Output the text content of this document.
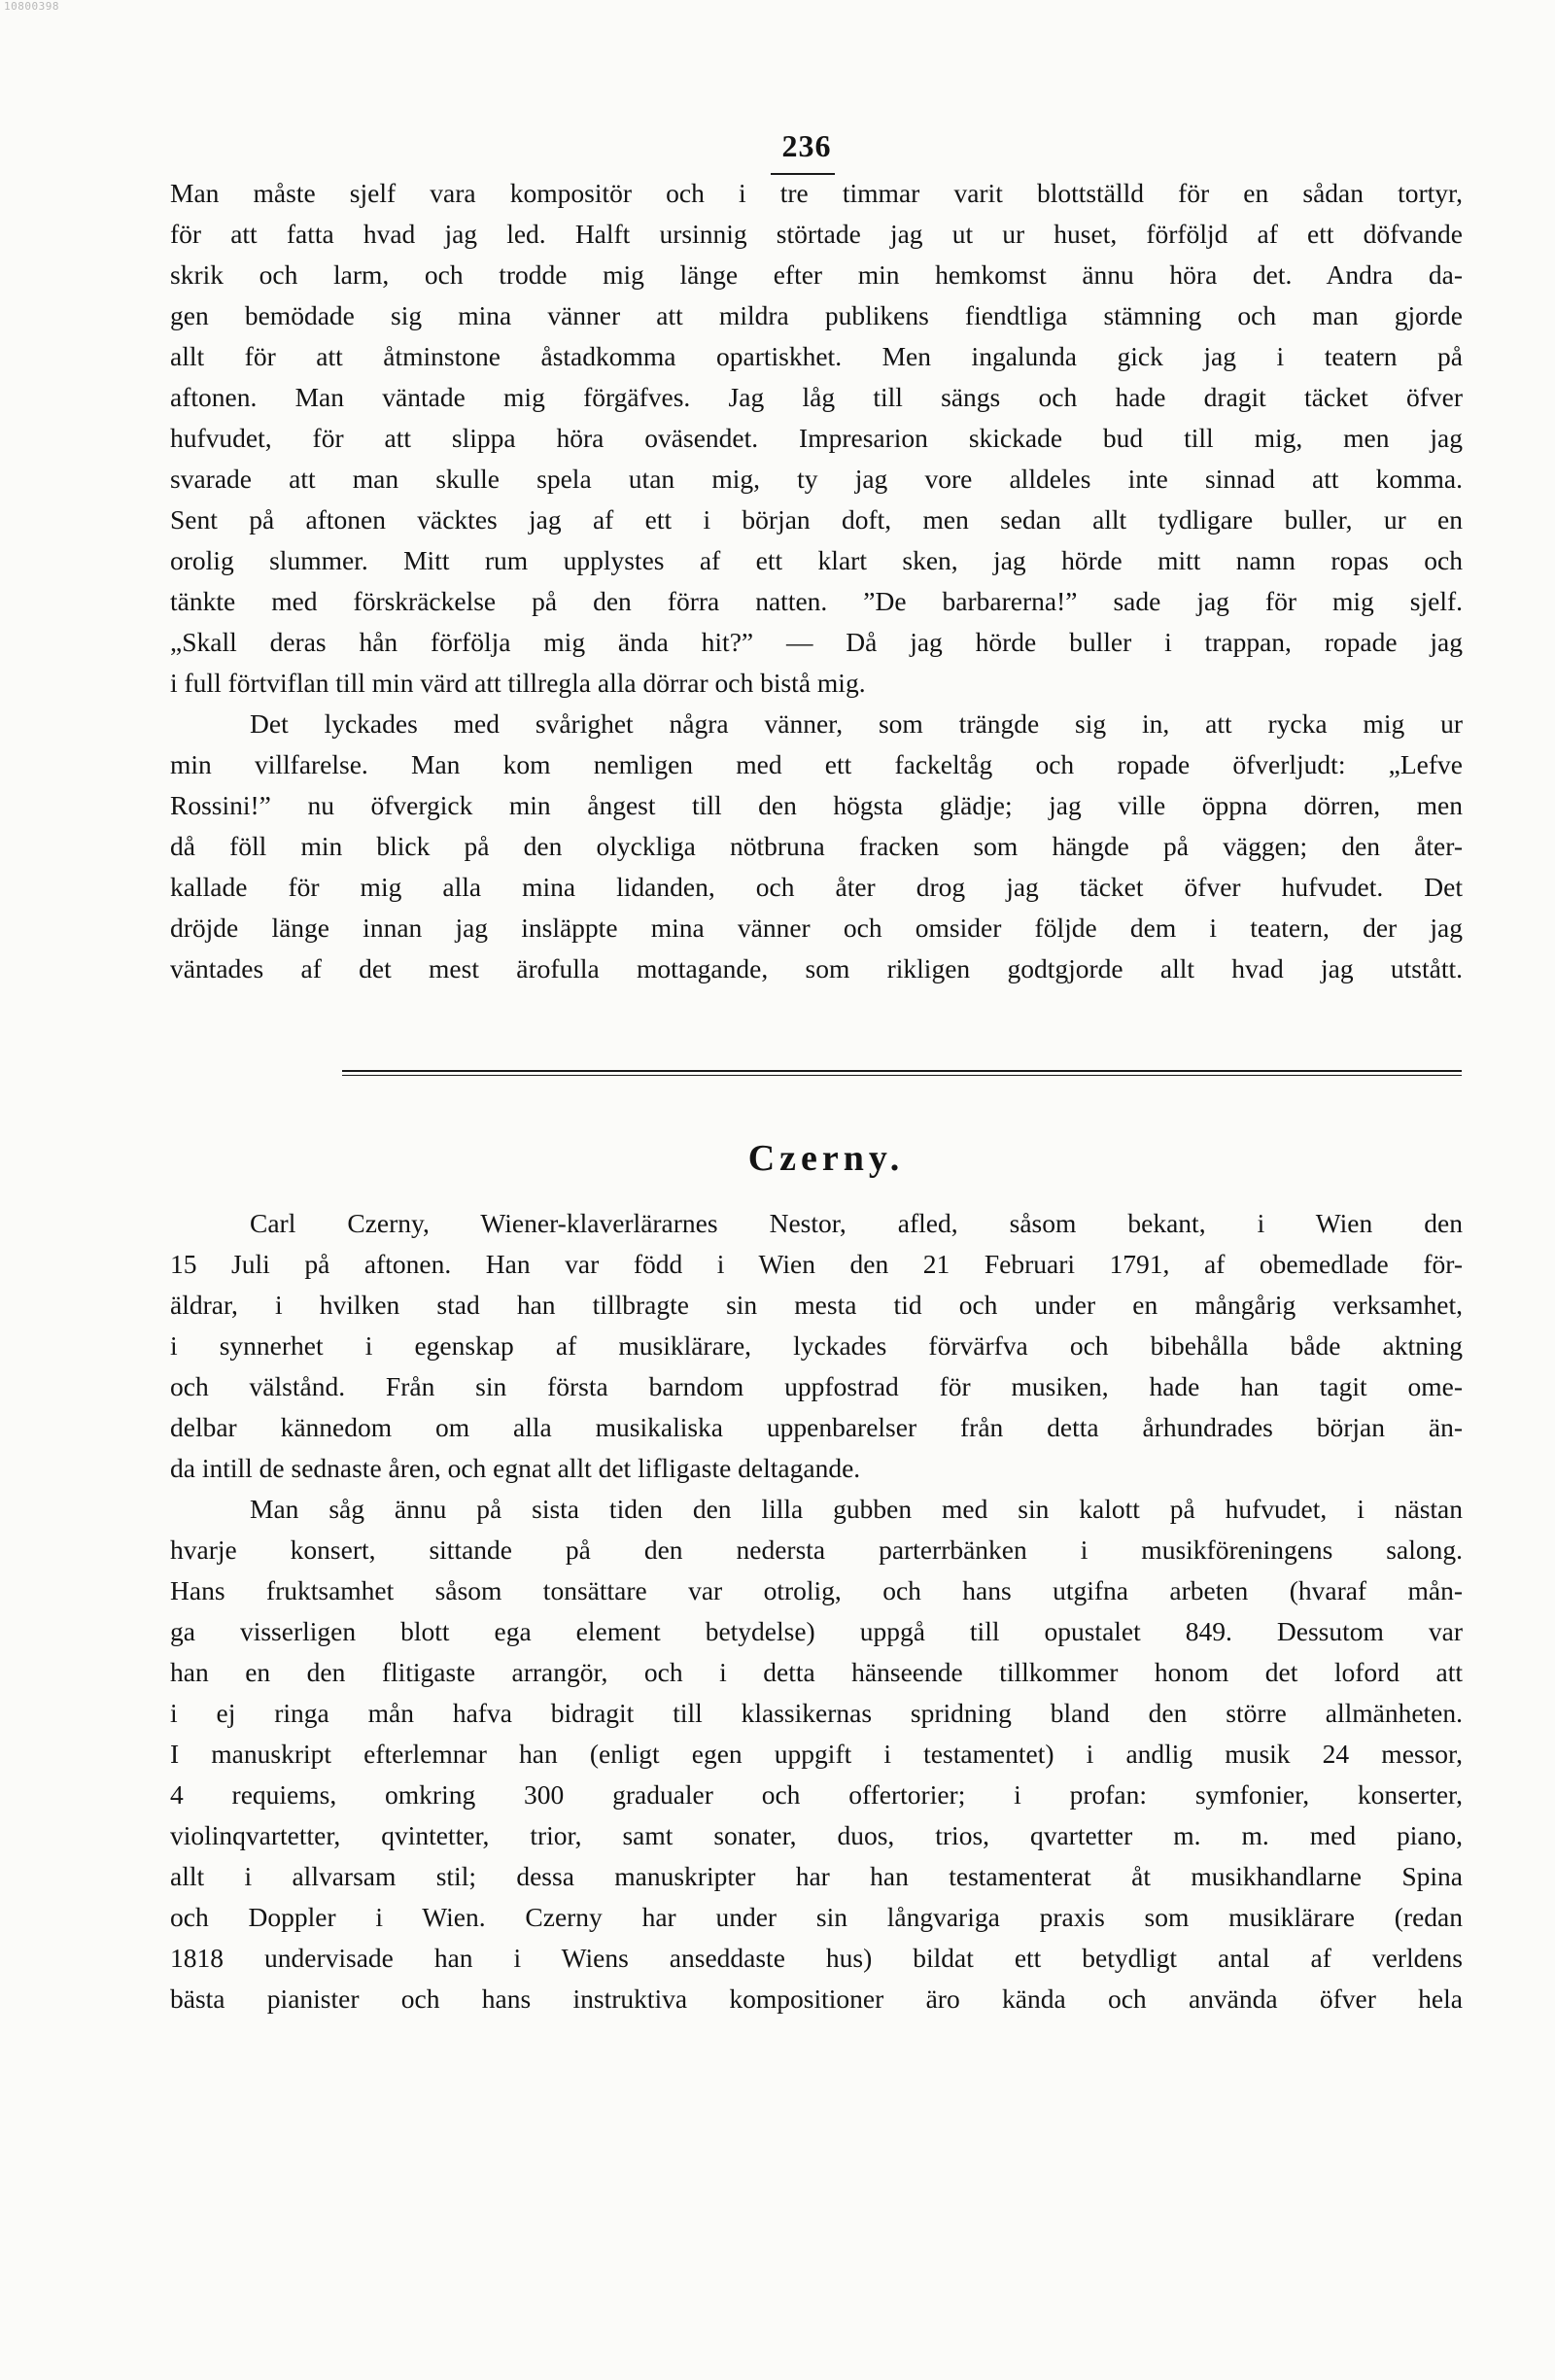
10800398
236
Man måste sjelf vara kompositör och i tre timmar varit blottställd för en sådan tortyr,
för att fatta hvad jag led. Halft ursinnig störtade jag ut ur huset, förföljd af ett döfvande
skrik och larm, och trodde mig länge efter min hemkomst ännu höra det. Andra da-
gen bemödade sig mina vänner att mildra publikens fiendtliga stämning och man gjorde
allt för att åtminstone åstadkomma opartiskhet. Men ingalunda gick jag i teatern på
aftonen. Man väntade mig förgäfves. Jag låg till sängs och hade dragit täcket öfver
hufvudet, för att slippa höra oväsendet. Impresarion skickade bud till mig, men jag
svarade att man skulle spela utan mig, ty jag vore alldeles inte sinnad att komma.
Sent på aftonen väcktes jag af ett i början doft, men sedan allt tydligare buller, ur en
orolig slummer. Mitt rum upplystes af ett klart sken, jag hörde mitt namn ropas och
tänkte med förskräckelse på den förra natten. ”De barbarerna!” sade jag för mig sjelf.
„Skall deras hån förfölja mig ända hit?” — Då jag hörde buller i trappan, ropade jag
i full förtviflan till min värd att tillregla alla dörrar och bistå mig.
Det lyckades med svårighet några vänner, som trängde sig in, att rycka mig ur
min villfarelse. Man kom nemligen med ett fackeltåg och ropade öfverljudt: „Lefve
Rossini!” nu öfvergick min ångest till den högsta glädje; jag ville öppna dörren, men
då föll min blick på den olyckliga nötbruna fracken som hängde på väggen; den åter-
kallade för mig alla mina lidanden, och åter drog jag täcket öfver hufvudet. Det
dröjde länge innan jag insläppte mina vänner och omsider följde dem i teatern, der jag
väntades af det mest ärofulla mottagande, som rikligen godtgjorde allt hvad jag utstått.
Czerny.
Carl Czerny, Wiener-klaverlärarnes Nestor, afled, såsom bekant, i Wien den
15 Juli på aftonen. Han var född i Wien den 21 Februari 1791, af obemedlade för-
äldrar, i hvilken stad han tillbragte sin mesta tid och under en mångårig verksamhet,
i synnerhet i egenskap af musiklärare, lyckades förvärfva och bibehålla både aktning
och välstånd. Från sin första barndom uppfostrad för musiken, hade han tagit ome-
delbar kännedom om alla musikaliska uppenbarelser från detta århundrades början än-
da intill de sednaste åren, och egnat allt det lifligaste deltagande.
Man såg ännu på sista tiden den lilla gubben med sin kalott på hufvudet, i nästan
hvarje konsert, sittande på den nedersta parterrbänken i musikföreningens salong.
Hans fruktsamhet såsom tonsättare var otrolig, och hans utgifna arbeten (hvaraf mån-
ga visserligen blott ega element betydelse) uppgå till opustalet 849. Dessutom var
han en den flitigaste arrangör, och i detta hänseende tillkommer honom det loford att
i ej ringa mån hafva bidragit till klassikernas spridning bland den större allmänheten.
I manuskript efterlemnar han (enligt egen uppgift i testamentet) i andlig musik 24 messor,
4 requiems, omkring 300 gradualer och offertorier; i profan: symfonier, konserter,
violinqvartetter, qvintetter, trior, samt sonater, duos, trios, qvartetter m. m. med piano,
allt i allvarsam stil; dessa manuskripter har han testamenterat åt musikhandlarne Spina
och Doppler i Wien. Czerny har under sin långvariga praxis som musiklärare (redan
1818 undervisade han i Wiens anseddaste hus) bildat ett betydligt antal af verldens
bästa pianister och hans instruktiva kompositioner äro kända och använda öfver hela
